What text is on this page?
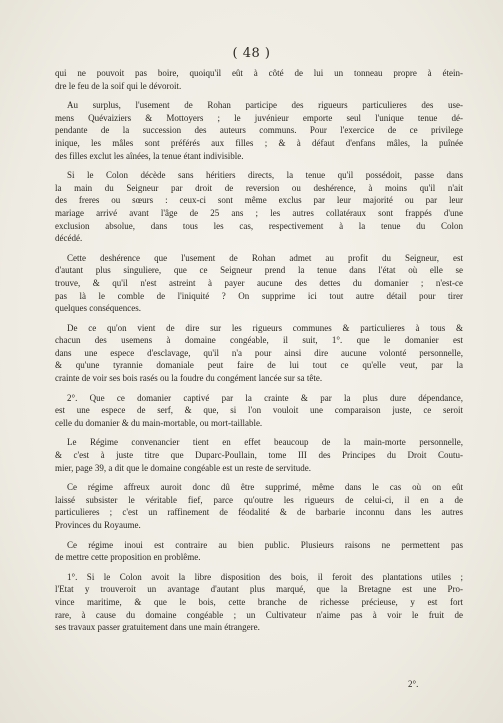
( 48 )
qui ne pouvoit pas boire, quoiqu'il eût à côté de lui un tonneau propre à étein-
dre le feu de la soif qui le dévoroit.
Au surplus, l'usement de Rohan participe des rigueurs particulieres des use-
mens Quévaiziers & Mottoyers ; le juvénieur emporte seul l'unique tenue dé-
pendante de la succession des auteurs communs. Pour l'exercice de ce privilege
inique, les mâles sont préférés aux filles ; & à défaut d'enfans mâles, la puînée
des filles exclut les aînées, la tenue étant indivisible.
Si le Colon décède sans héritiers directs, la tenue qu'il possédoit, passe dans
la main du Seigneur par droit de reversion ou deshérence, à moins qu'il n'ait
des freres ou sœurs : ceux-ci sont même exclus par leur majorité ou par leur
mariage arrivé avant l'âge de 25 ans ; les autres collatéraux sont frappés d'une
exclusion absolue, dans tous les cas, respectivement à la tenue du Colon
décédé.
Cette deshérence que l'usement de Rohan admet au profit du Seigneur, est
d'autant plus singuliere, que ce Seigneur prend la tenue dans l'état où elle se
trouve, & qu'il n'est astreint à payer aucune des dettes du domanier ; n'est-ce
pas là le comble de l'iniquité ? On supprime ici tout autre détail pour tirer
quelques conséquences.
De ce qu'on vient de dire sur les rigueurs communes & particulieres à tous &
chacun des usemens à domaine congéable, il suit, 1°. que le domanier est
dans une espece d'esclavage, qu'il n'a pour ainsi dire aucune volonté personnelle,
& qu'une tyrannie domaniale peut faire de lui tout ce qu'elle veut, par la
crainte de voir ses bois rasés ou la foudre du congément lancée sur sa tête.
2°. Que ce domanier captivé par la crainte & par la plus dure dépendance,
est une espece de serf, & que, si l'on vouloit une comparaison juste, ce seroit
celle du domanier & du main-mortable, ou mort-taillable.
Le Régime convenancier tient en effet beaucoup de la main-morte personnelle,
& c'est à juste titre que Duparc-Poullain, tome III des Principes du Droit Coutu-
mier, page 39, a dit que le domaine congéable est un reste de servitude.
Ce régime affreux auroit donc dû être supprimé, même dans le cas où on eût
laissé subsister le véritable fief, parce qu'outre les rigueurs de celui-ci, il en a de
particulieres ; c'est un raffinement de féodalité & de barbarie inconnu dans les autres
Provinces du Royaume.
Ce régime inoui est contraire au bien public. Plusieurs raisons ne permettent pas
de mettre cette proposition en problême.
1°. Si le Colon avoit la libre disposition des bois, il feroit des plantations utiles ;
l'Etat y trouveroit un avantage d'autant plus marqué, que la Bretagne est une Pro-
vince maritime, & que le bois, cette branche de richesse précieuse, y est fort
rare, à cause du domaine congéable ; un Cultivateur n'aime pas à voir le fruit de
ses travaux passer gratuitement dans une main étrangere.
2°.
